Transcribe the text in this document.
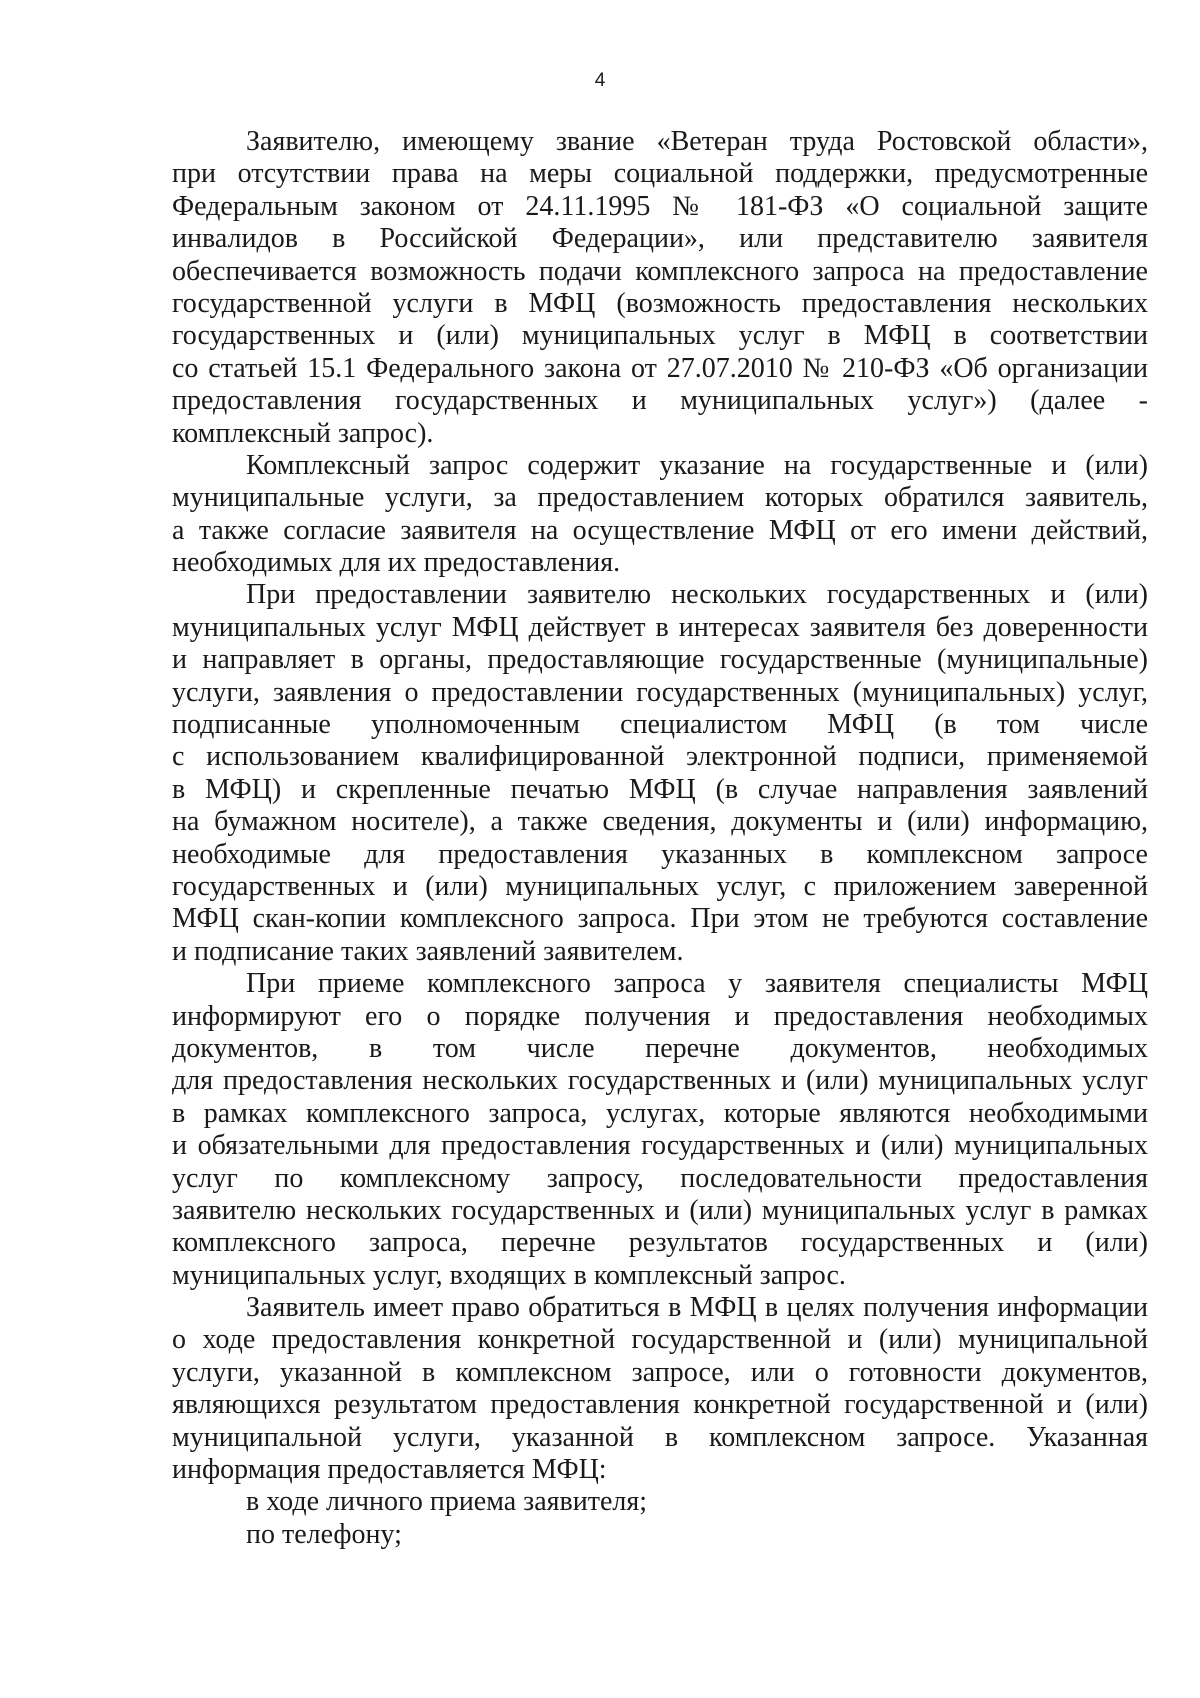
4
Заявителю, имеющему звание «Ветеран труда Ростовской области»,
при отсутствии права на меры социальной поддержки, предусмотренные
Федеральным законом от 24.11.1995 № 181-ФЗ «О социальной защите
инвалидов в Российской Федерации», или представителю заявителя
обеспечивается возможность подачи комплексного запроса на предоставление
государственной услуги в МФЦ (возможность предоставления нескольких
государственных и (или) муниципальных услуг в МФЦ в соответствии
со статьей 15.1 Федерального закона от 27.07.2010 № 210-ФЗ «Об организации
предоставления государственных и муниципальных услуг») (далее -
комплексный запрос).
Комплексный запрос содержит указание на государственные и (или)
муниципальные услуги, за предоставлением которых обратился заявитель,
а также согласие заявителя на осуществление МФЦ от его имени действий,
необходимых для их предоставления.
При предоставлении заявителю нескольких государственных и (или)
муниципальных услуг МФЦ действует в интересах заявителя без доверенности
и направляет в органы, предоставляющие государственные (муниципальные)
услуги, заявления о предоставлении государственных (муниципальных) услуг,
подписанные уполномоченным специалистом МФЦ (в том числе
с использованием квалифицированной электронной подписи, применяемой
в МФЦ) и скрепленные печатью МФЦ (в случае направления заявлений
на бумажном носителе), а также сведения, документы и (или) информацию,
необходимые для предоставления указанных в комплексном запросе
государственных и (или) муниципальных услуг, с приложением заверенной
МФЦ скан-копии комплексного запроса. При этом не требуются составление
и подписание таких заявлений заявителем.
При приеме комплексного запроса у заявителя специалисты МФЦ
информируют его о порядке получения и предоставления необходимых
документов, в том числе перечне документов, необходимых
для предоставления нескольких государственных и (или) муниципальных услуг
в рамках комплексного запроса, услугах, которые являются необходимыми
и обязательными для предоставления государственных и (или) муниципальных
услуг по комплексному запросу, последовательности предоставления
заявителю нескольких государственных и (или) муниципальных услуг в рамках
комплексного запроса, перечне результатов государственных и (или)
муниципальных услуг, входящих в комплексный запрос.
Заявитель имеет право обратиться в МФЦ в целях получения информации
о ходе предоставления конкретной государственной и (или) муниципальной
услуги, указанной в комплексном запросе, или о готовности документов,
являющихся результатом предоставления конкретной государственной и (или)
муниципальной услуги, указанной в комплексном запросе. Указанная
информация предоставляется МФЦ:
в ходе личного приема заявителя;
по телефону;
